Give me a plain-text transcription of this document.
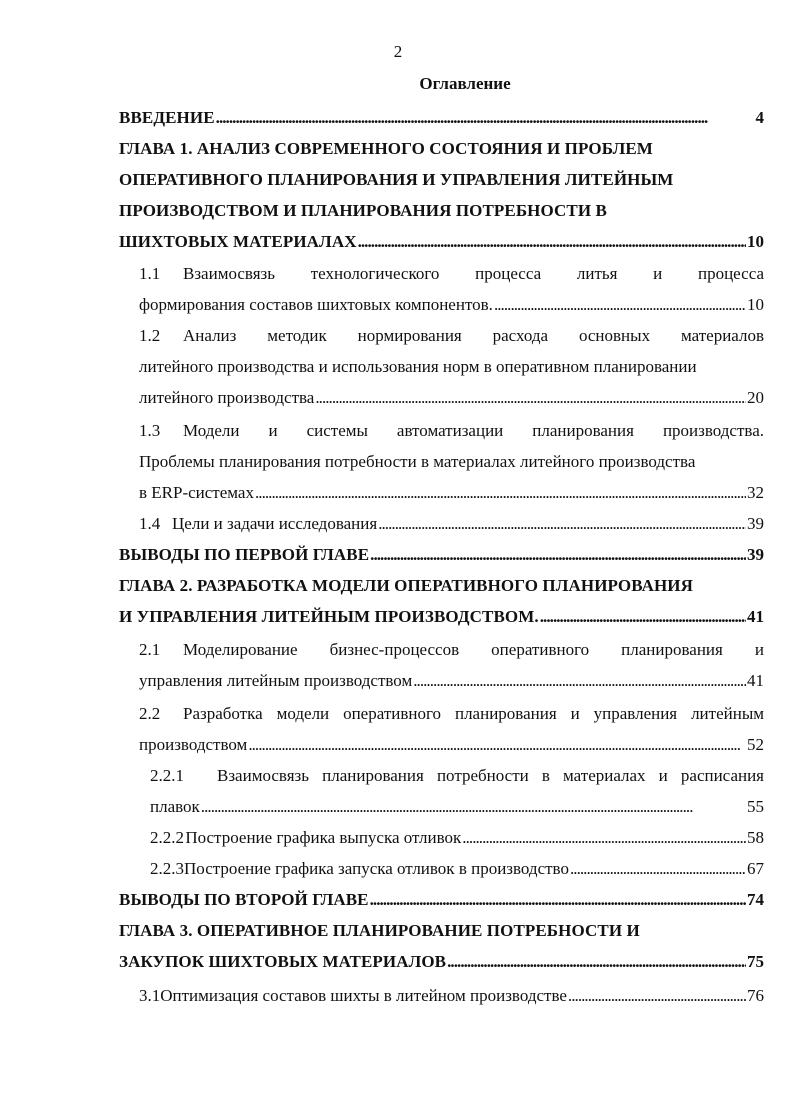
2
Оглавление
ВВЕДЕНИЕ . . .	4
ГЛАВА 1. АНАЛИЗ СОВРЕМЕННОГО СОСТОЯНИЯ И ПРОБЛЕМ
ОПЕРАТИВНОГО ПЛАНИРОВАНИЯ И УПРАВЛЕНИЯ ЛИТЕЙНЫМ
ПРОИЗВОДСТВОМ И ПЛАНИРОВАНИЯ ПОТРЕБНОСТИ В
ШИХТОВЫХ МАТЕРИАЛАХ . . .	10
1.1	Взаимосвязь технологического процесса литья и процесса
формирования составов шихтовых компонентов. . . .	10
1.2	Анализ методик нормирования расхода основных материалов
литейного производства и использования норм в оперативном планировании
литейного производства . . .	20
1.3	Модели и системы автоматизации планирования производства.
Проблемы планирования потребности в материалах литейного производства
в ERP-системах . . .	32
1.4 Цели и задачи исследования . . .	39
ВЫВОДЫ ПО ПЕРВОЙ ГЛАВЕ . . .	39
ГЛАВА 2. РАЗРАБОТКА МОДЕЛИ ОПЕРАТИВНОГО ПЛАНИРОВАНИЯ
И УПРАВЛЕНИЯ ЛИТЕЙНЫМ ПРОИЗВОДСТВОМ. . . .	41
2.1	Моделирование бизнес-процессов оперативного планирования и
управления литейным производством . . .	41
2.2	Разработка модели оперативного планирования и управления литейным
производством . . .	52
2.2.1	Взаимосвязь планирования потребности в материалах и расписания
плавок . . .	55
2.2.2 Построение графика выпуска отливок . . .	58
2.2.3 Построение графика запуска отливок в производство . . .	67
ВЫВОДЫ ПО ВТОРОЙ ГЛАВЕ . . .	74
ГЛАВА 3. ОПЕРАТИВНОЕ ПЛАНИРОВАНИЕ ПОТРЕБНОСТИ И
ЗАКУПОК ШИХТОВЫХ МАТЕРИАЛОВ . . .	75
3.1 Оптимизация составов шихты в литейном производстве . . .	76
